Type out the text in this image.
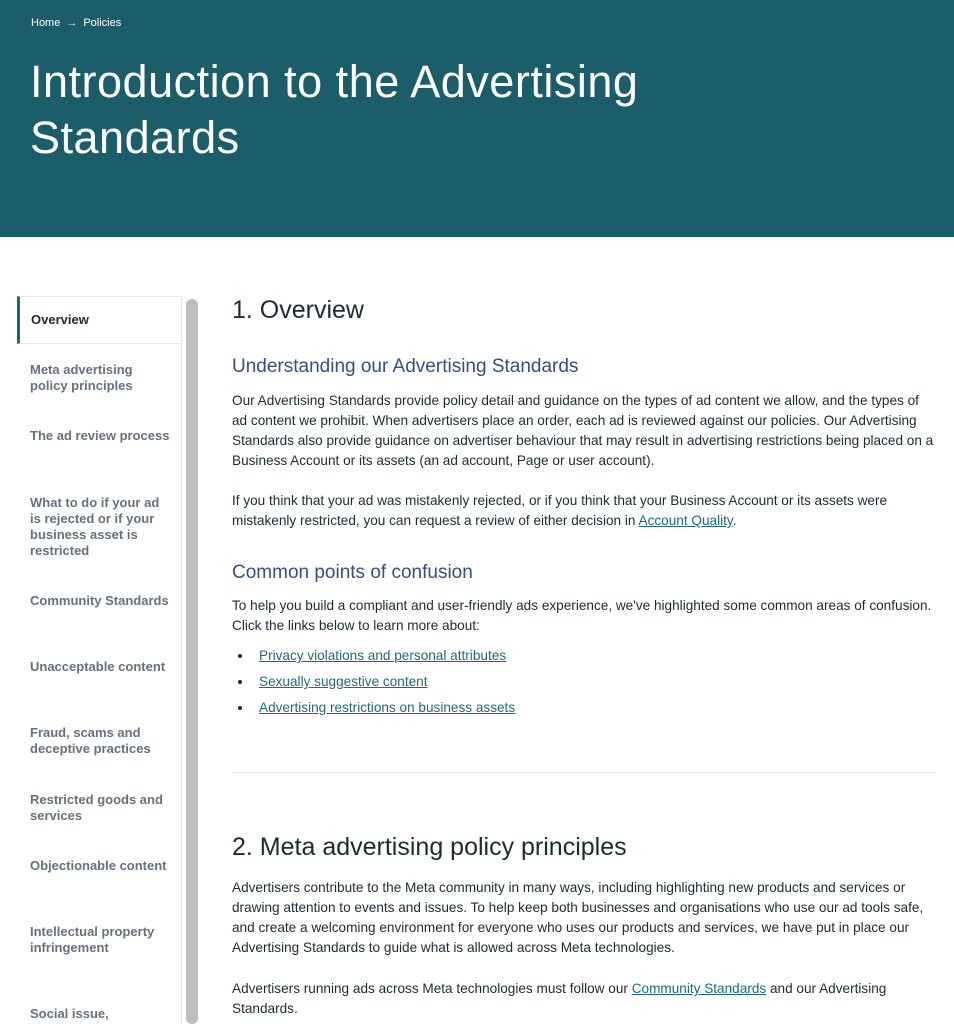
Home → Policies
Introduction to the Advertising Standards
Overview
Meta advertising policy principles
The ad review process
What to do if your ad is rejected or if your business asset is restricted
Community Standards
Unacceptable content
Fraud, scams and deceptive practices
Restricted goods and services
Objectionable content
Intellectual property infringement
Social issue,
1. Overview
Understanding our Advertising Standards

Our Advertising Standards provide policy detail and guidance on the types of ad content we allow, and the types of ad content we prohibit. When advertisers place an order, each ad is reviewed against our policies. Our Advertising Standards also provide guidance on advertiser behaviour that may result in advertising restrictions being placed on a Business Account or its assets (an ad account, Page or user account).

If you think that your ad was mistakenly rejected, or if you think that your Business Account or its assets were mistakenly restricted, you can request a review of either decision in Account Quality.

Common points of confusion

To help you build a compliant and user-friendly ads experience, we've highlighted some common areas of confusion. Click the links below to learn more about:

Privacy violations and personal attributes
Sexually suggestive content
Advertising restrictions on business assets
2. Meta advertising policy principles

Advertisers contribute to the Meta community in many ways, including highlighting new products and services or drawing attention to events and issues. To help keep both businesses and organisations who use our ad tools safe, and create a welcoming environment for everyone who uses our products and services, we have put in place our Advertising Standards to guide what is allowed across Meta technologies.

Advertisers running ads across Meta technologies must follow our Community Standards and our Advertising Standards.
